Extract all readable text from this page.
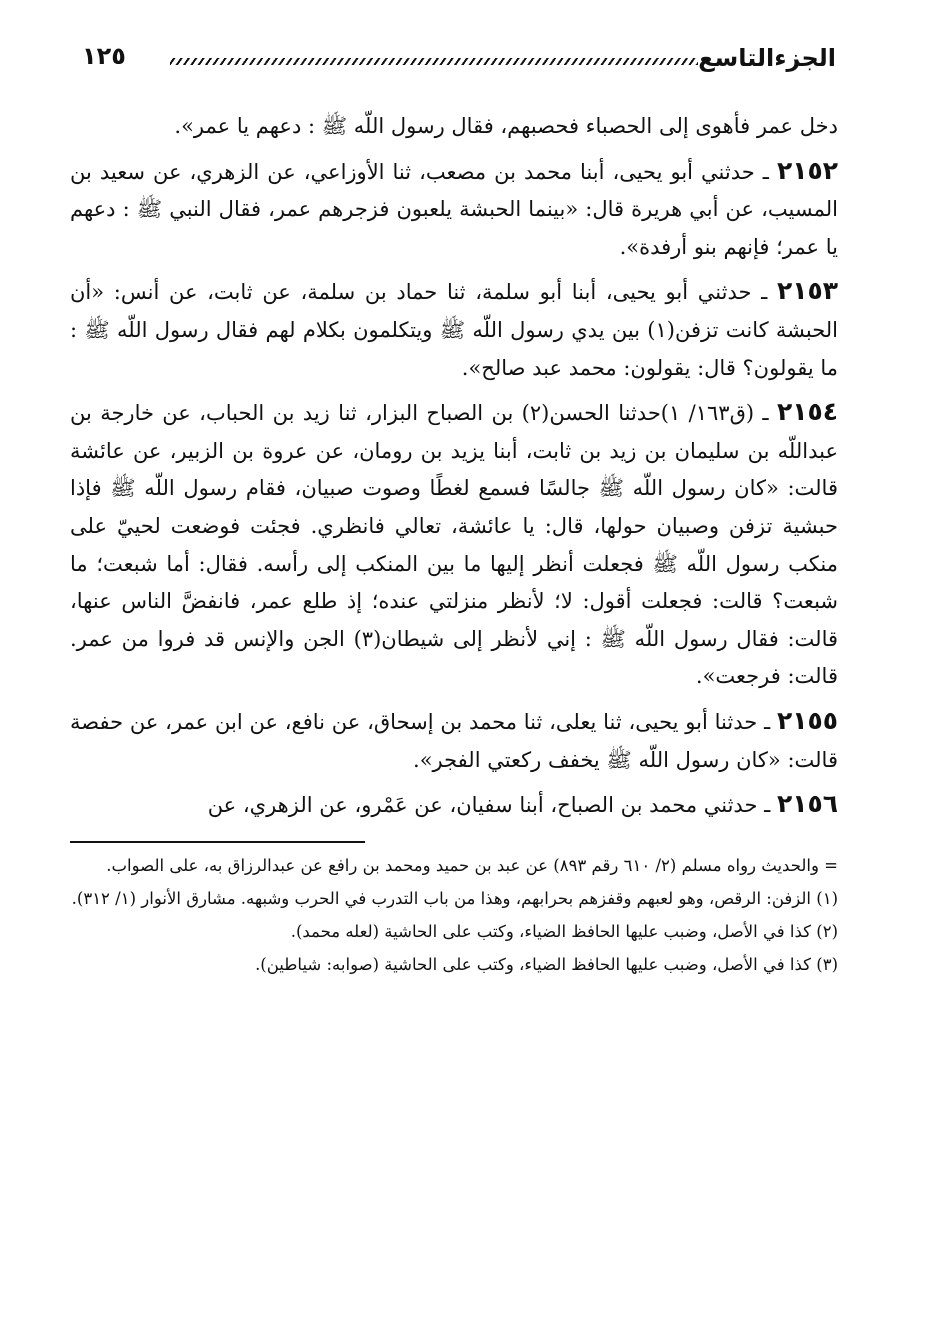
الجزءالتاسع
١٢٥

دخل عمر فأهوى إلى الحصباء فحصبهم، فقال رسول اللّه ﷺ : دعهم يا عمر».

٢١٥٢ ـ حدثني أبو يحيى، أبنا محمد بن مصعب، ثنا الأوزاعي، عن الزهري، عن سعيد بن المسيب، عن أبي هريرة قال: «بينما الحبشة يلعبون فزجرهم عمر، فقال النبي ﷺ : دعهم يا عمر؛ فإنهم بنو أرفدة».

٢١٥٣ ـ حدثني أبو يحيى، أبنا أبو سلمة، ثنا حماد بن سلمة، عن ثابت، عن أنس: «أن الحبشة كانت تزفن(١) بين يدي رسول اللّه ﷺ ويتكلمون بكلام لهم فقال رسول اللّه ﷺ : ما يقولون؟ قال: يقولون: محمد عبد صالح».

٢١٥٤ ـ (ق١٦٣/ ١)حدثنا الحسن(٢) بن الصباح البزار، ثنا زيد بن الحباب، عن خارجة بن عبداللّه بن سليمان بن زيد بن ثابت، أبنا يزيد بن رومان، عن عروة بن الزبير، عن عائشة قالت: «كان رسول اللّه ﷺ جالسًا فسمع لغطًا وصوت صبيان، فقام رسول اللّه ﷺ فإذا حبشية تزفن وصبيان حولها، قال: يا عائشة، تعالي فانظري. فجئت فوضعت لحييّ على منكب رسول اللّه ﷺ فجعلت أنظر إليها ما بين المنكب إلى رأسه. فقال: أما شبعت؛ ما شبعت؟ قالت: فجعلت أقول: لا؛ لأنظر منزلتي عنده؛ إذ طلع عمر، فانفضَّ الناس عنها، قالت: فقال رسول اللّه ﷺ : إني لأنظر إلى شيطان(٣) الجن والإنس قد فروا من عمر. قالت: فرجعت».

٢١٥٥ ـ حدثنا أبو يحيى، ثنا يعلى، ثنا محمد بن إسحاق، عن نافع، عن ابن عمر، عن حفصة قالت: «كان رسول اللّه ﷺ يخفف ركعتي الفجر».

٢١٥٦ ـ حدثني محمد بن الصباح، أبنا سفيان، عن عَمْرو، عن الزهري، عن

= والحديث رواه مسلم (٢/ ٦١٠ رقم ٨٩٣) عن عبد بن حميد ومحمد بن رافع عن عبدالرزاق به، على الصواب.

(١) الزفن: الرقص، وهو لعبهم وقفزهم بحرابهم، وهذا من باب التدرب في الحرب وشبهه. مشارق الأنوار (١/ ٣١٢).

(٢) كذا في الأصل، وضبب عليها الحافظ الضياء، وكتب على الحاشية (لعله محمد).

(٣) كذا في الأصل، وضبب عليها الحافظ الضياء، وكتب على الحاشية (صوابه: شياطين).
